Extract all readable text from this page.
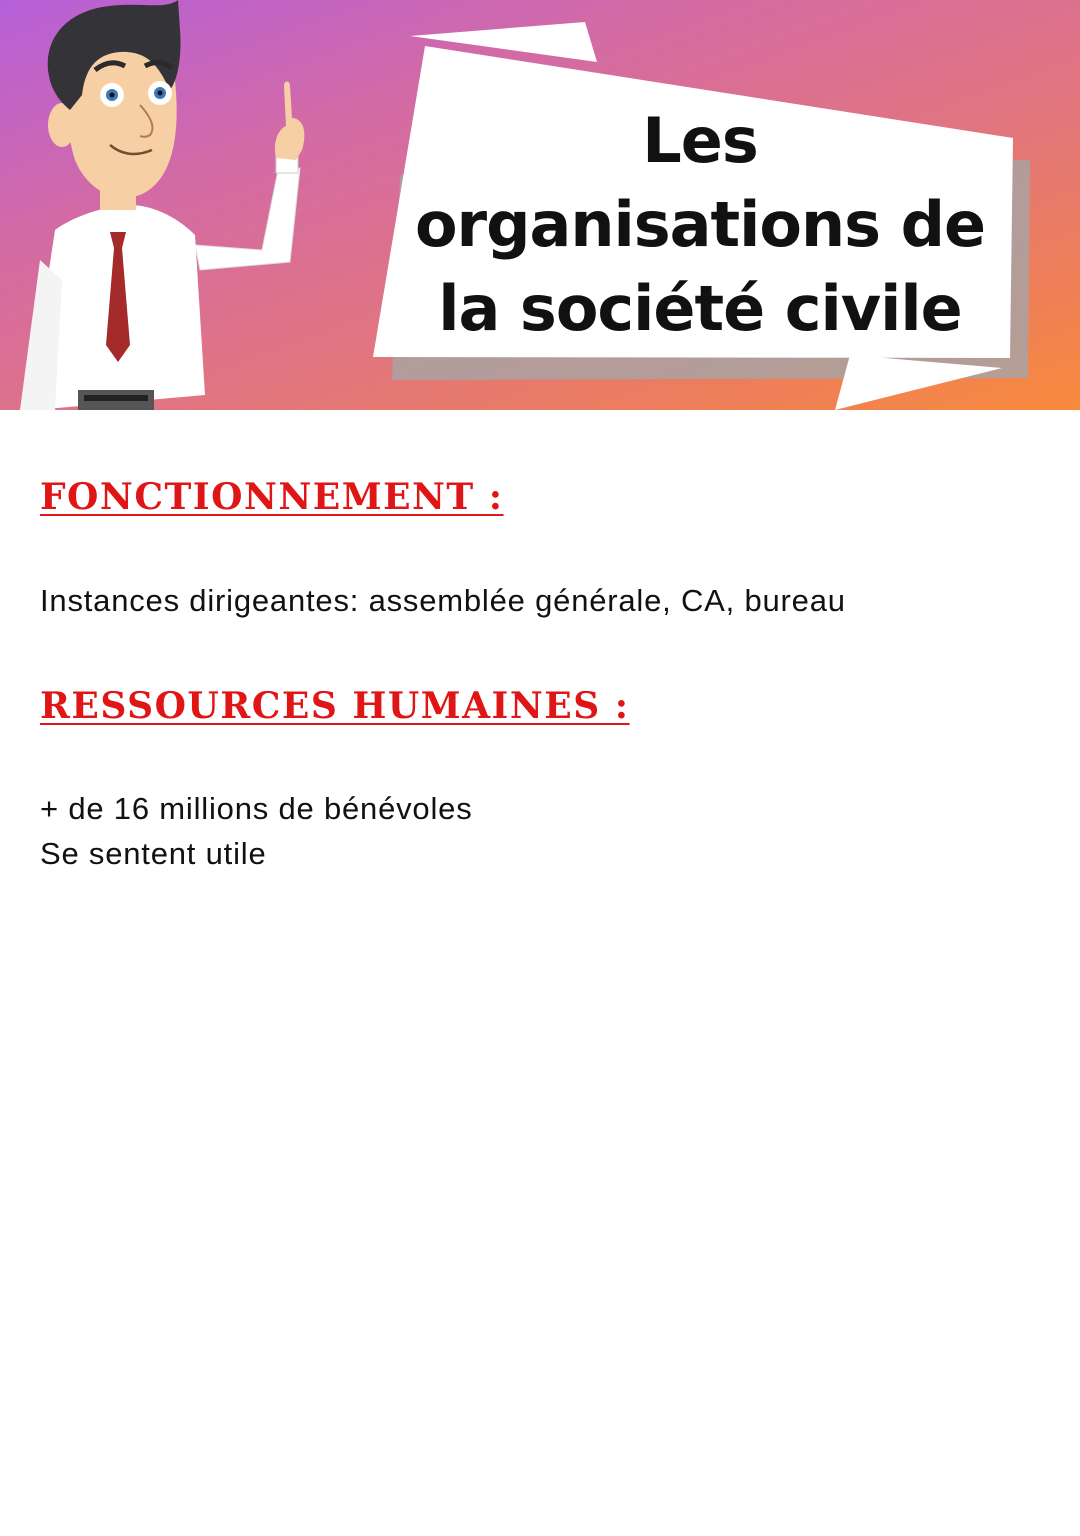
Les
organisations de
la société civile
FONCTIONNEMENT :
Instances dirigeantes: assemblée générale, CA, bureau
RESSOURCES HUMAINES :
+ de 16 millions de bénévoles
Se sentent utile
